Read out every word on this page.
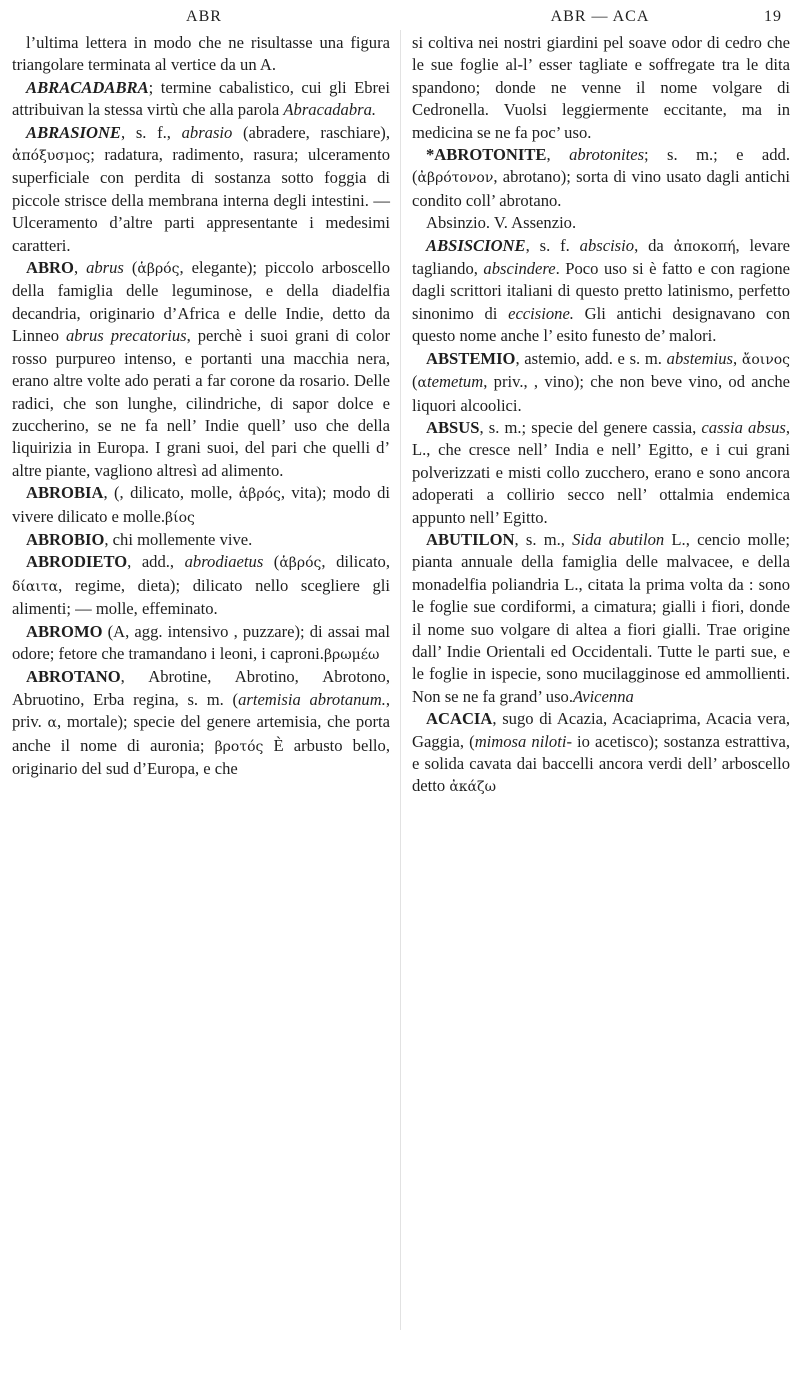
ABR	ABR — ACA	19

l’ultima lettera in modo che ne risultasse una figura triangolare terminata al vertice da un A.

ABRACADABRA; termine cabalistico, cui gli Ebrei attribuivan la stessa virtù che alla parola Abracadabra.

ABRASIONE, s. f., abrasio (abradere, raschiare), ἀπόξυσμος; radatura, radimento, rasura; ulceramento superficiale con perdita di sostanza sotto foggia di piccole strisce della membrana interna degli intestini. — Ulceramento d’altre parti appresentante i medesimi caratteri.

ABRO, abrus (ἁβρός, elegante); piccolo arboscello della famiglia delle leguminose, e della diadelfia decandria, originario d’Africa e delle Indie, detto da Linneo abrus precatorius, perchè i suoi grani di color rosso purpureo intenso, e portanti una macchia nera, erano altre volte ado perati a far corone da rosario. Delle radici, che son lunghe, cilindriche, di sapor dolce e zuccherino, se ne fa nell’ Indie quell’ uso che della liquirizia in Europa. I grani suoi, del pari che quelli d’ altre piante, vagliono altresì ad alimento.

ABROBIA, (, dilicato, molle, ἁβρός, vita); modo di vivere dilicato e molle.βίος

ABROBIO, chi mollemente vive.

ABRODIETO, add., abrodiaetus (ἁβρός, dilicato, δίαιτα, regime, dieta); dilicato nello scegliere gli alimenti; — molle, effeminato.

ABROMO (A, agg. intensivo , puzzare); di assai mal odore; fetore che tramandano i leoni, i caproni.βρωμέω

ABROTANO, Abrotine, Abrotino, Abrotono, Abruotino, Erba regina, s. m. (artemisia abrotanum., priv. α, mortale); specie del genere artemisia, che porta anche il nome di auronia; βροτός È arbusto bello, originario del sud d’Europa, e che

si coltiva nei nostri giardini pel soave odor di cedro che le sue foglie al-l’ esser tagliate e soffregate tra le dita spandono; donde ne venne il nome volgare di Cedronella. Vuolsi leggiermente eccitante, ma in medicina se ne fa poc’ uso.

*ABROTONITE, abrotonites; s. m.; e add. (ἀβρότονον, abrotano); sorta di vino usato dagli antichi condito coll’ abrotano.

Absinzio. V. Assenzio.

ABSISCIONE, s. f. abscisio, da ἀποκοπή, levare tagliando, abscindere. Poco uso si è fatto e con ragione dagli scrittori italiani di questo pretto latinismo, perfetto sinonimo di eccisione. Gli antichi designavano con questo nome anche l’ esito funesto de’ malori.

ABSTEMIO, astemio, add. e s. m. abstemius, ἄοινος (αtemetum, priv., , vino); che non beve vino, od anche liquori alcoolici.

ABSUS, s. m.; specie del genere cassia, cassia absus, L., che cresce nell’ India e nell’ Egitto, e i cui grani polverizzati e misti collo zucchero, erano e sono ancora adoperati a collirio secco nell’ ottalmia endemica appunto nell’ Egitto.

ABUTILON, s. m., Sida abutilon L., cencio molle; pianta annuale della famiglia delle malvacee, e della monadelfia poliandria L., citata la prima volta da : sono le foglie sue cordiformi, a cimatura; gialli i fiori, donde il nome suo volgare di altea a fiori gialli. Trae origine dall’ Indie Orientali ed Occidentali. Tutte le parti sue, e le foglie in ispecie, sono mucilagginose ed ammollienti. Non se ne fa grand’ uso.Avicenna

ACACIA, sugo di Acazia, Acaciaprima, Acacia vera, Gaggia, (mimosa niloti- io acetisco); sostanza estrattiva, e solida cavata dai baccelli ancora verdi dell’ arboscello detto ἀκάζω
